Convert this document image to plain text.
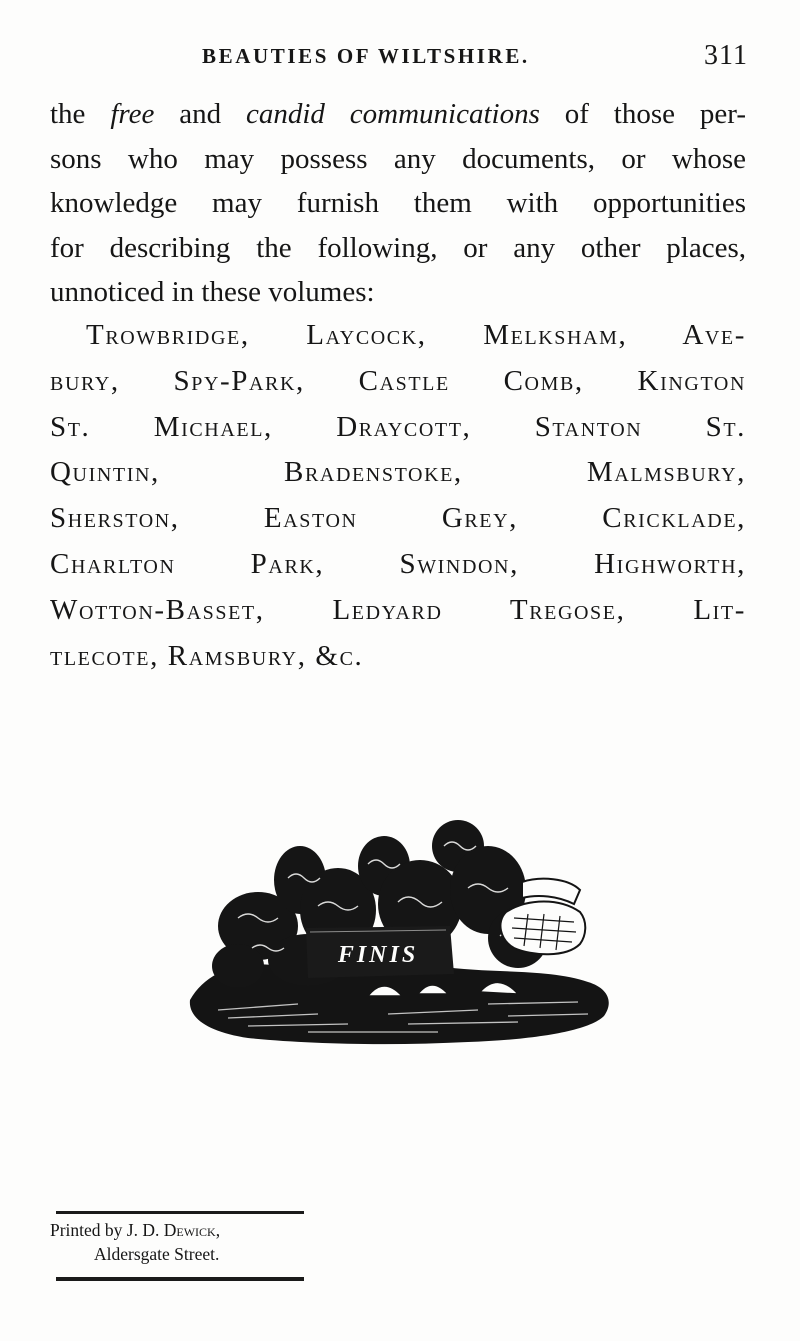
BEAUTIES OF WILTSHIRE.	311
the free and candid communications of those per-
sons who may possess any documents, or whose
knowledge may furnish them with opportunities
for describing the following, or any other places,
unnoticed in these volumes:
Trowbridge, Laycock, Melksham, Ave-
bury, Spy-Park, Castle Comb, Kington
St. Michael, Draycott, Stanton St.
Quintin, Bradenstoke, Malmsbury,
Sherston, Easton Grey, Cricklade,
Charlton Park, Swindon, Highworth,
Wotton-Basset, Ledyard Tregose, Lit-
tlecote, Ramsbury, &c.
FINIS
Printed by J. D. Dewick,
Aldersgate Street.
